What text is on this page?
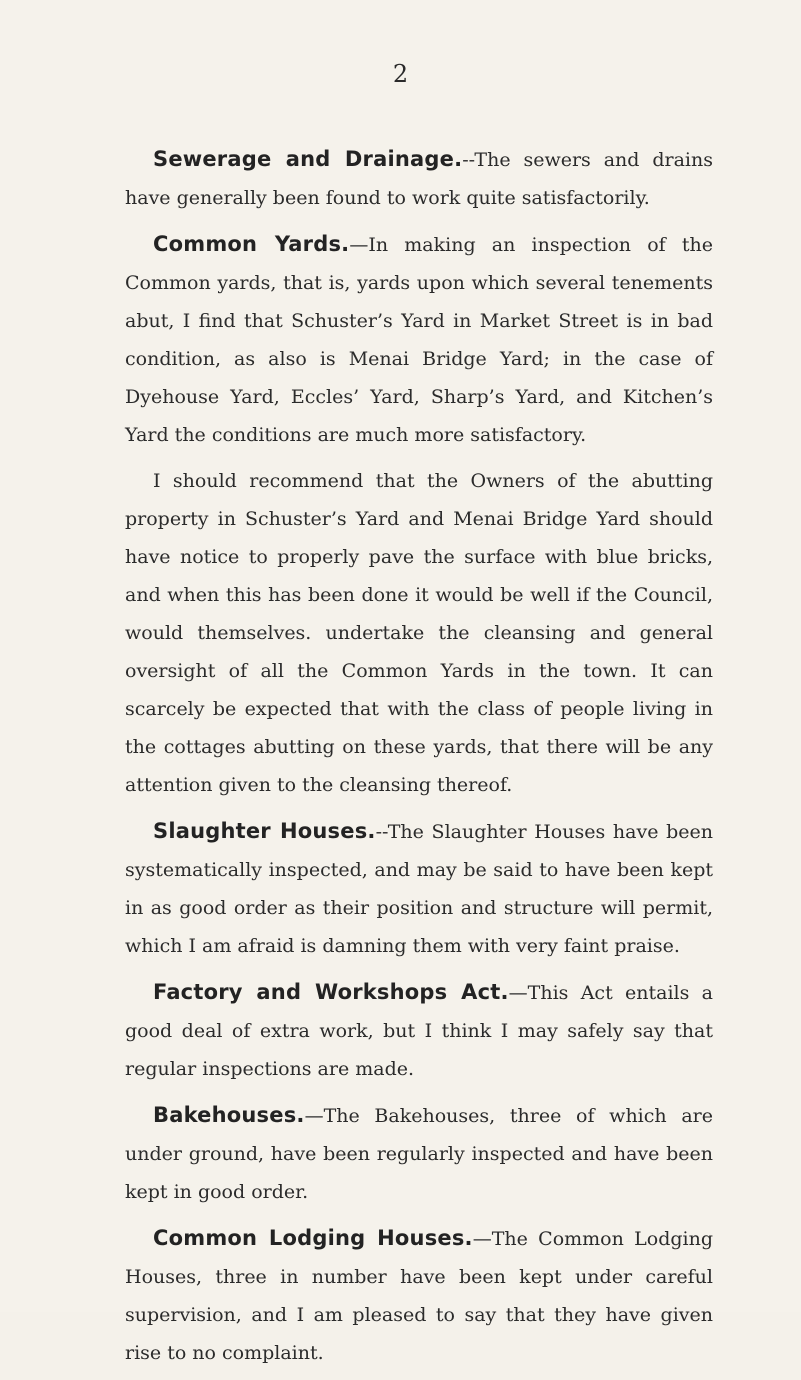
2

Sewerage and Drainage.--The sewers and drains have generally been found to work quite satisfactorily.

Common Yards.—In making an inspection of the Common yards, that is, yards upon which several tenements abut, I find that Schuster’s Yard in Market Street is in bad condition, as also is Menai Bridge Yard; in the case of Dyehouse Yard, Eccles’ Yard, Sharp’s Yard, and Kitchen’s Yard the conditions are much more satisfactory.

I should recommend that the Owners of the abutting property in Schuster’s Yard and Menai Bridge Yard should have notice to properly pave the surface with blue bricks, and when this has been done it would be well if the Council, would themselves. undertake the cleansing and general oversight of all the Common Yards in the town. It can scarcely be expected that with the class of people living in the cottages abutting on these yards, that there will be any attention given to the cleansing thereof.

Slaughter Houses.--The Slaughter Houses have been systematically inspected, and may be said to have been kept in as good order as their position and structure will permit, which I am afraid is damning them with very faint praise.

Factory and Workshops Act.—This Act entails a good deal of extra work, but I think I may safely say that regular inspections are made.

Bakehouses.—The Bakehouses, three of which are under ground, have been regularly inspected and have been kept in good order.

Common Lodging Houses.—The Common Lodging Houses, three in number have been kept under careful supervision, and I am pleased to say that they have given rise to no complaint.
